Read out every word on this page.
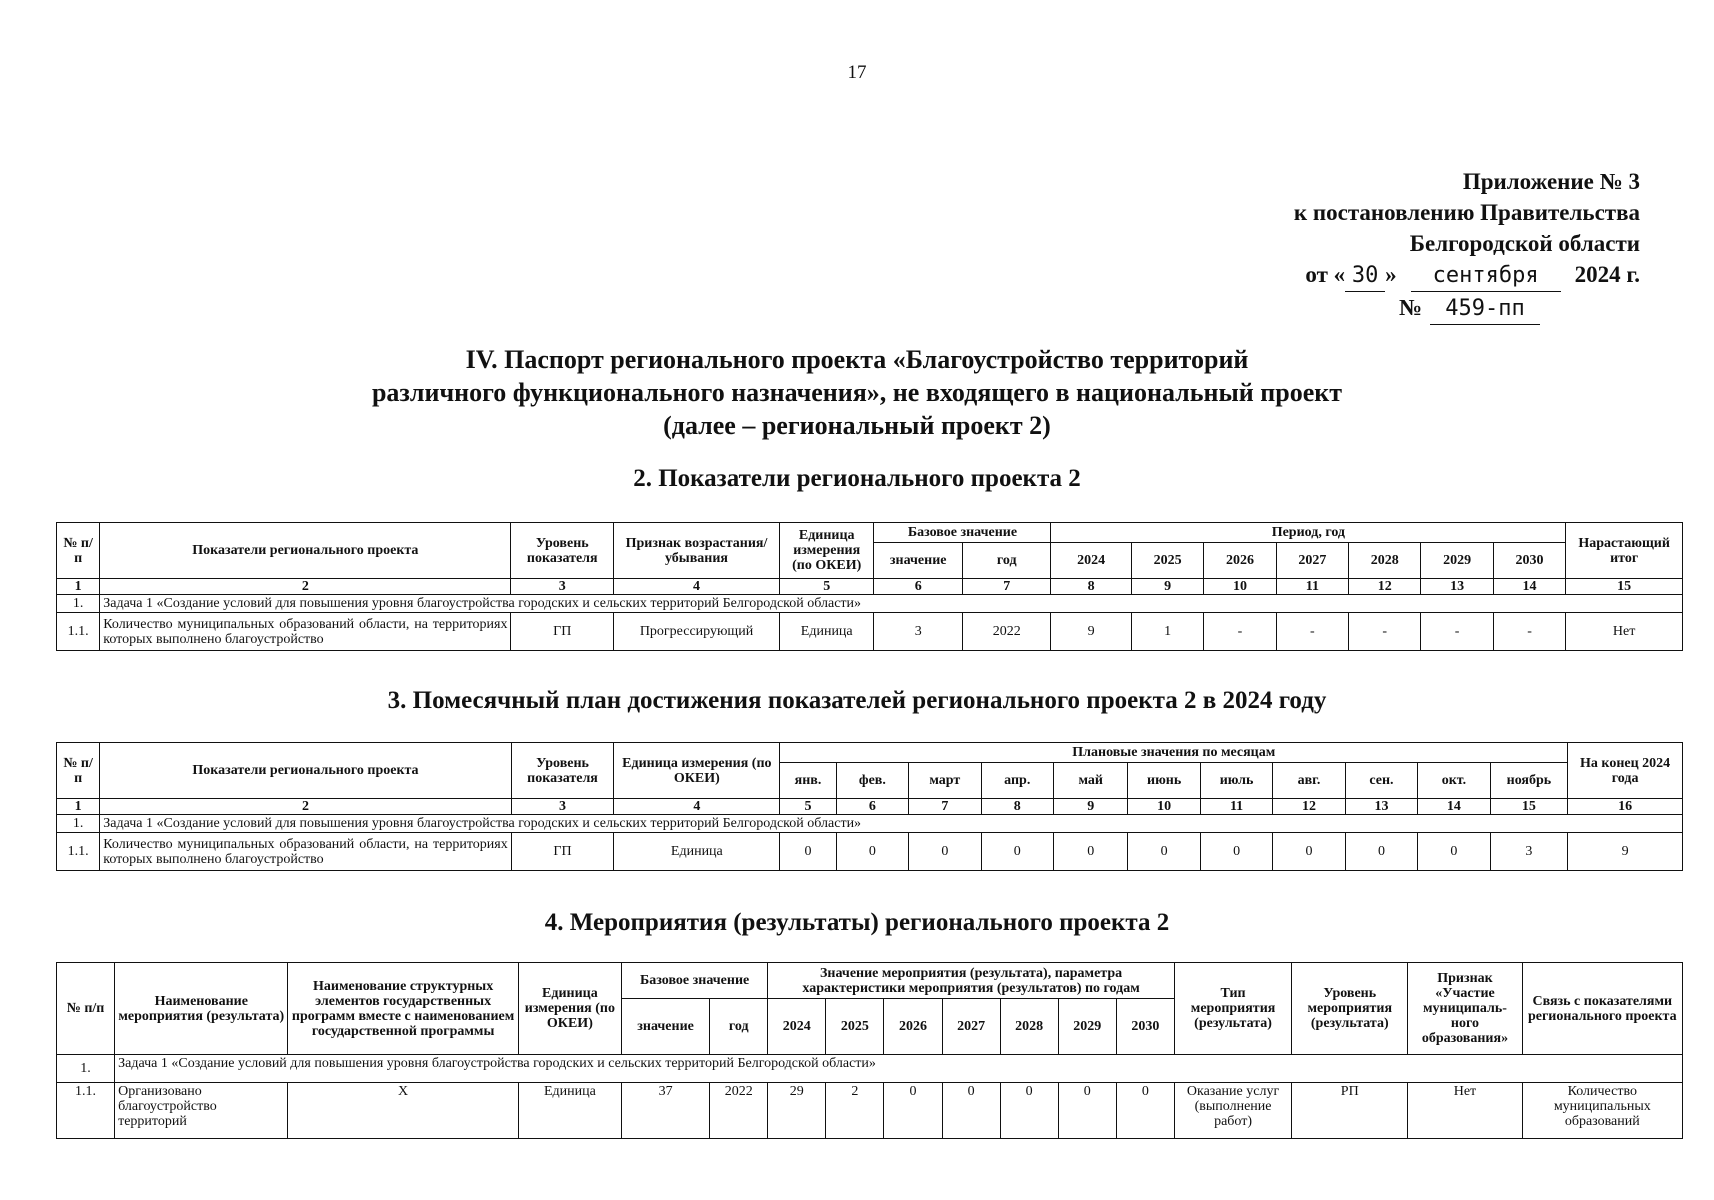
17
Приложение № 3
к постановлению Правительства
Белгородской области
от « 30 » сентября 2024 г.
№ 459-пп
IV. Паспорт регионального проекта «Благоустройство территорий
различного функционального назначения», не входящего в национальный проект
(далее – региональный проект 2)
2. Показатели регионального проекта 2
№ п/п	Показатели регионального проекта	Уровень показателя	Признак возрастания/ убывания	Единица измерения (по ОКЕИ)	Базовое значение		Период, год							Нарастающий итог
					значение	год	2024	2025	2026	2027	2028	2029	2030	
1	2	3	4	5	6	7	8	9	10	11	12	13	14	15
1.	Задача 1 «Создание условий для повышения уровня благоустройства городских и сельских территорий Белгородской области»													
1.1.	Количество муниципальных образований области, на территориях которых выполнено благоустройство	ГП	Прогрессирующий	Единица	3	2022	9	1	-	-	-	-	-	Нет
3. Помесячный план достижения показателей регионального проекта 2 в 2024 году
№ п/п	Показатели регионального проекта	Уровень показателя	Единица измерения (по ОКЕИ)	Плановые значения по месяцам											На конец 2024 года
				янв.	фев.	март	апр.	май	июнь	июль	авг.	сен.	окт.	ноябрь	
1	2	3	4	5	6	7	8	9	10	11	12	13	14	15	16
1.	Задача 1 «Создание условий для повышения уровня благоустройства городских и сельских территорий Белгородской области»														
1.1.	Количество муниципальных образований области, на территориях которых выполнено благоустройство	ГП	Единица	0	0	0	0	0	0	0	0	0	0	3	9
4. Мероприятия (результаты) регионального проекта 2
№ п/п	Наименование мероприятия (результата)	Наименование структурных элементов государственных программ вместе с наименованием государственной программы	Единица измерения (по ОКЕИ)	Базовое значение		Значение мероприятия (результата), параметра характеристики мероприятия (результатов) по годам							Тип мероприятия (результата)	Уровень мероприятия (результата)	Признак «Участие муниципаль- ного образования»	Связь с показателями регионального проекта
				значение	год	2024	2025	2026	2027	2028	2029	2030				
1.	Задача 1 «Создание условий для повышения уровня благоустройства городских и сельских территорий Белгородской области»															
1.1.	Организовано благоустройство территорий	Х	Единица	37	2022	29	2	0	0	0	0	0	Оказание услуг (выполнение работ)	РП	Нет	Количество муниципальных образований
